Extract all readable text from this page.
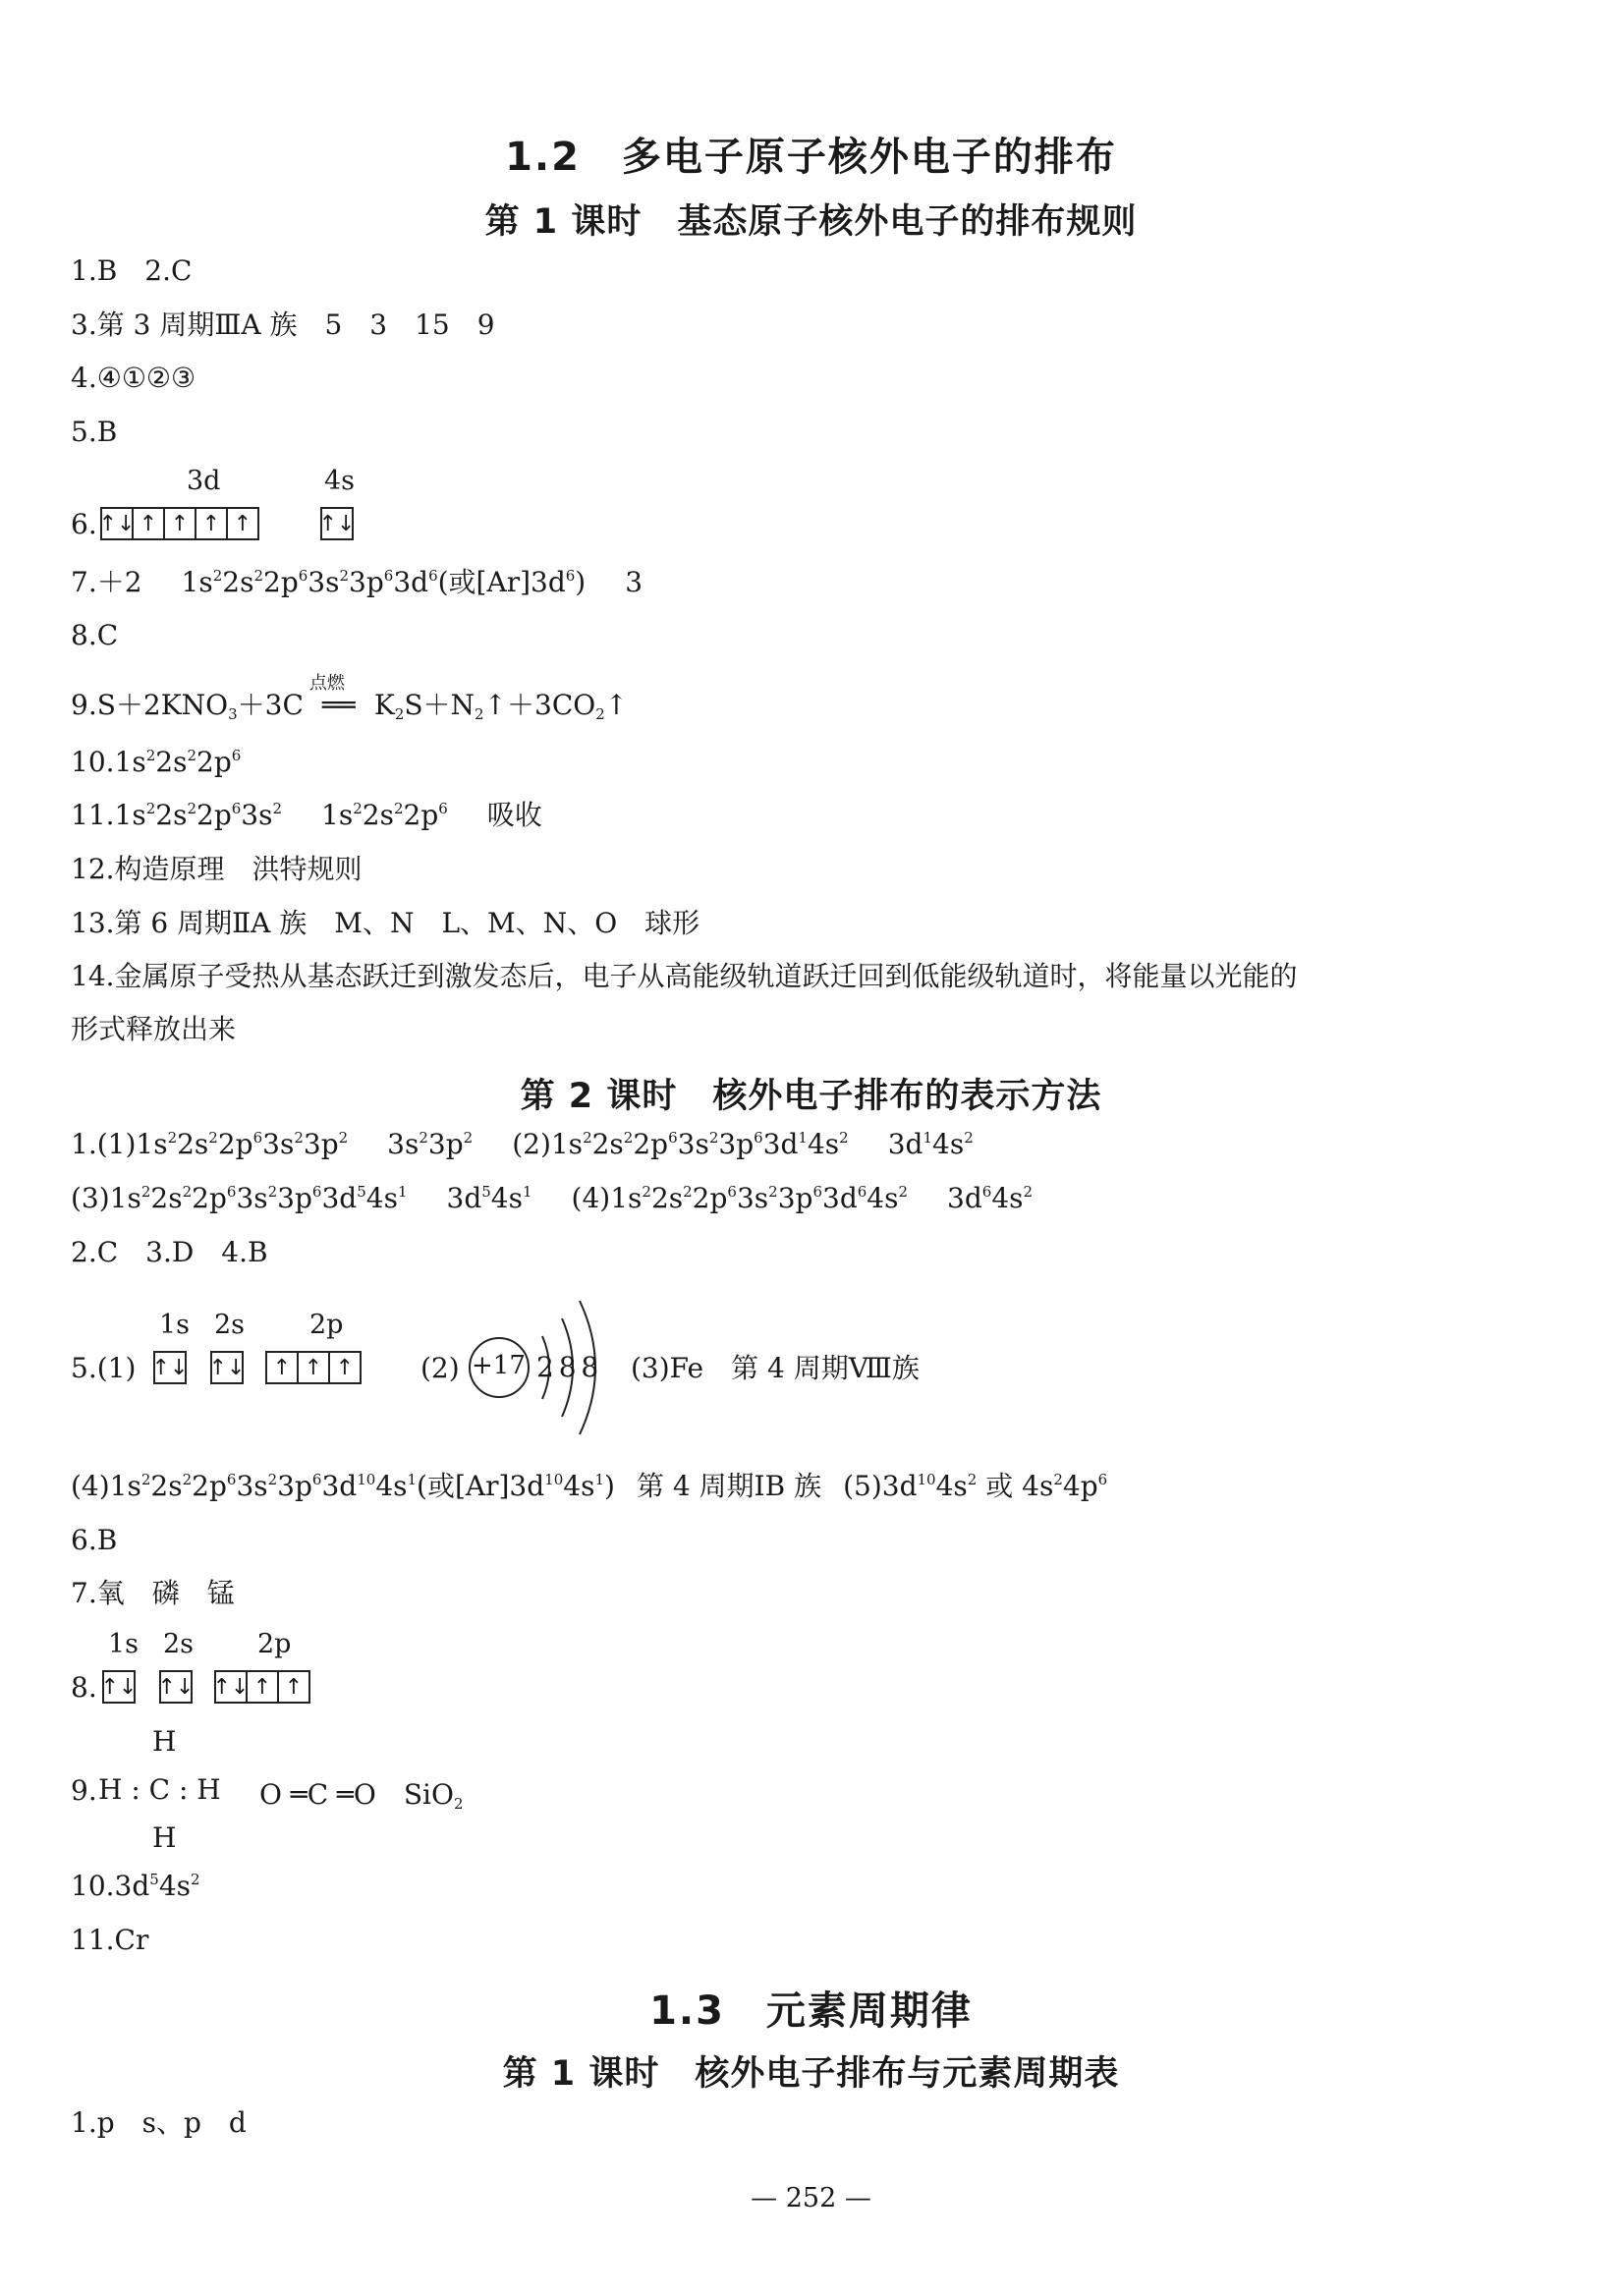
1.2　多电子原子核外电子的排布
第 1 课时　基态原子核外电子的排布规则
1.B　2.C
3.第 3 周期ⅢA 族　5　3　15　9
4.④①②③
5.B
3d	4s
6. ↑↓ ↑ ↑ ↑ ↑	↑↓
7.＋2 $1s^22s^22p^63s^23p^63d^6$(或$[Ar]3d^6$) 3
8.C
$9.S+2KNO_3+3C$
点燃
══ $K_2S+N_2↑+3CO_2↑$
$10.1s^22s^22p^6$
$11.1s^22s^22p^63s^2$ $1s^22s^22p^6$ 吸收
12.构造原理　洪特规则
13.第 6 周期ⅡA 族　M、N　L、M、N、O　球形
14.金属原子受热从基态跃迁到激发态后，电子从高能级轨道跃迁回到低能级轨道时，将能量以光能的
形式释放出来
第 2 课时　核外电子排布的表示方法
$1.(1)1s^22s^22p^63s^23p^2$ $3s^23p^2$ $(2)1s^22s^22p^63s^23p^63d^14s^2$ $3d^14s^2$
$(3)1s^22s^22p^63s^23p^63d^54s^1$ $3d^54s^1$ $(4)1s^22s^22p^63s^23p^63d^64s^2$ $3d^64s^2$
2.C　3.D　4.B
1s 2s 2p
5.(1) ↑↓ ↑↓	↑ ↑ ↑ (2) +17 2 8 8 (3)Fe　第 4 周期Ⅷ族
$(4)1s^22s^22p^63s^23p^63d^{10}4s^1$(或$[Ar]3d^{10}4s^1$) 第 4 周期ⅠB 族 $(5)3d^{10}4s^2$ 或 $4s^24p^6$
6.B
7.氧　磷　锰
1s 2s 2p
8. ↑↓ ↑↓ ↑↓ ↑ ↑
H
9. H : C : H
H
O ═C ═O　SiO$_2$
$10.3d^54s^2$
11.Cr
1.3　元素周期律
第 1 课时　核外电子排布与元素周期表
1.p　s、p　d
— 252 —
